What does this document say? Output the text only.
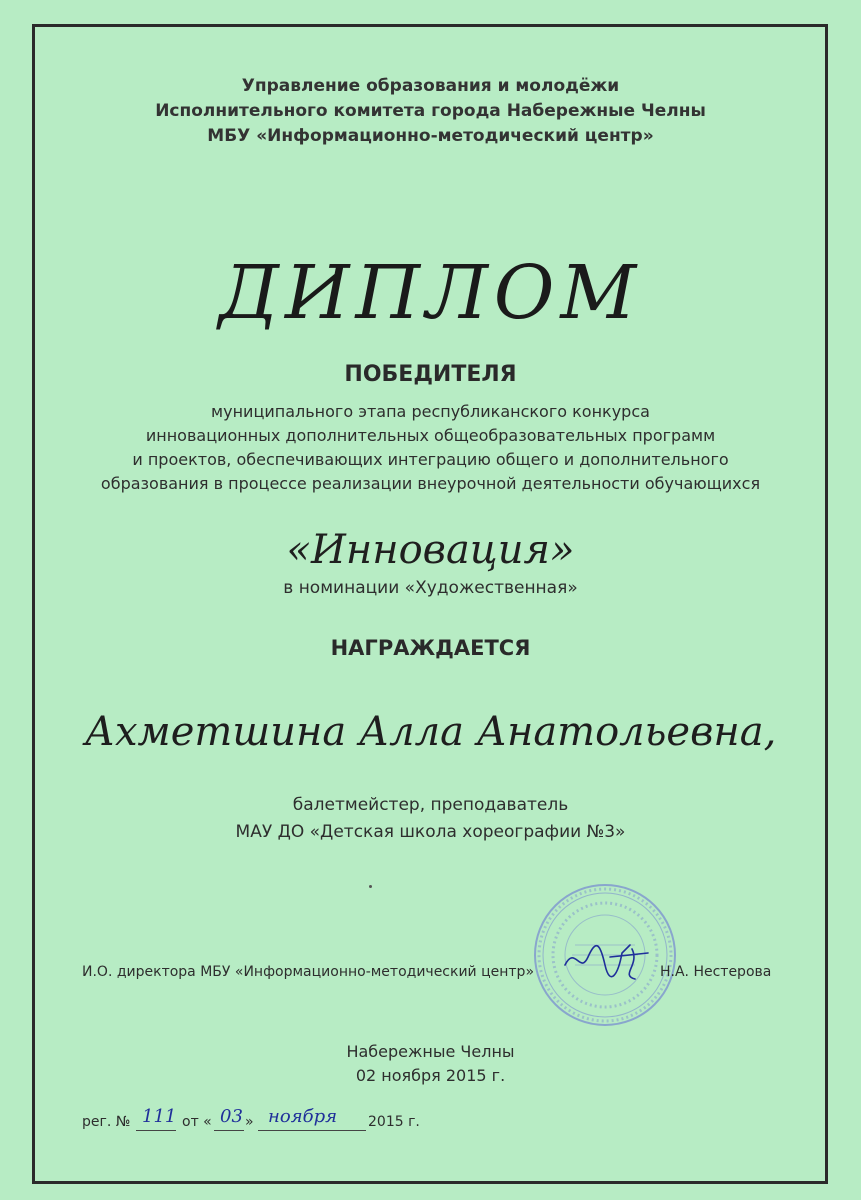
Управление образования и молодёжи
Исполнительного комитета города Набережные Челны
МБУ «Информационно-методический центр»
ДИПЛОМ
ПОБЕДИТЕЛЯ
муниципального этапа республиканского конкурса
инновационных дополнительных общеобразовательных программ
и проектов, обеспечивающих интеграцию общего и дополнительного
образования в процессе реализации внеурочной деятельности обучающихся
«Инновация»
в номинации «Художественная»
НАГРАЖДАЕТСЯ
Ахметшина Алла Анатольевна,
балетмейстер, преподаватель
МАУ ДО «Детская школа хореографии №3»
И.О. директора МБУ «Информационно-методический центр»	Н.А. Нестерова
Набережные Челны
02 ноября 2015 г.
рег. № 111 от « 03 » ноября 2015 г.
